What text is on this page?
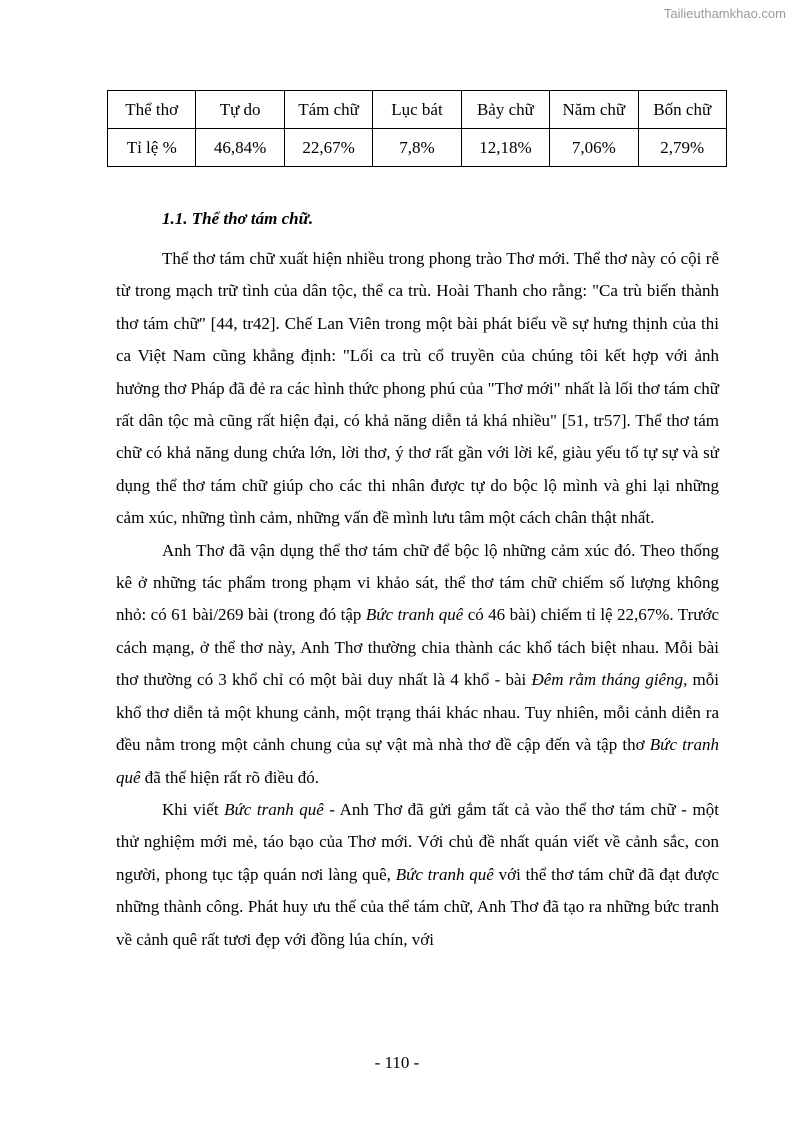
Tailieuthamkhao.com
Thể thơ	Tự do	Tám chữ	Lục bát	Bảy chữ	Năm chữ	Bốn chữ
Tỉ lệ %	46,84%	22,67%	7,8%	12,18%	7,06%	2,79%
1.1. Thể thơ tám chữ.

Thể thơ tám chữ xuất hiện nhiều trong phong trào Thơ mới. Thể thơ này có cội rễ từ trong mạch trữ tình của dân tộc, thể ca trù. Hoài Thanh cho rằng: "Ca trù biến thành thơ tám chữ" [44, tr42]. Chế Lan Viên trong một bài phát biểu về sự hưng thịnh của thi ca Việt Nam cũng khẳng định: "Lối ca trù cổ truyền của chúng tôi kết hợp với ảnh hưởng thơ Pháp đã đẻ ra các hình thức phong phú của "Thơ mới" nhất là lối thơ tám chữ rất dân tộc mà cũng rất hiện đại, có khả năng diễn tả khá nhiều" [51, tr57]. Thể thơ tám chữ có khả năng dung chứa lớn, lời thơ, ý thơ rất gần với lời kể, giàu yếu tố tự sự và sử dụng thể thơ tám chữ giúp cho các thi nhân được tự do bộc lộ mình và ghi lại những cảm xúc, những tình cảm, những vấn đề mình lưu tâm một cách chân thật nhất.

Anh Thơ đã vận dụng thể thơ tám chữ để bộc lộ những cảm xúc đó. Theo thống kê ở những tác phẩm trong phạm vi khảo sát, thể thơ tám chữ chiếm số lượng không nhỏ: có 61 bài/269 bài (trong đó tập Bức tranh quê có 46 bài) chiếm tỉ lệ 22,67%. Trước cách mạng, ở thể thơ này, Anh Thơ thường chia thành các khổ tách biệt nhau. Mỗi bài thơ thường có 3 khổ chỉ có một bài duy nhất là 4 khổ - bài Đêm rằm tháng giêng, mỗi khổ thơ diễn tả một khung cảnh, một trạng thái khác nhau. Tuy nhiên, mỗi cảnh diễn ra đều nằm trong một cảnh chung của sự vật mà nhà thơ đề cập đến và tập thơ Bức tranh quê đã thể hiện rất rõ điều đó.

Khi viết Bức tranh quê - Anh Thơ đã gửi gắm tất cả vào thể thơ tám chữ - một thử nghiệm mới mẻ, táo bạo của Thơ mới. Với chủ đề nhất quán viết về cảnh sắc, con người, phong tục tập quán nơi làng quê, Bức tranh quê với thể thơ tám chữ đã đạt được những thành công. Phát huy ưu thế của thể tám chữ, Anh Thơ đã tạo ra những bức tranh về cảnh quê rất tươi đẹp với đồng lúa chín, với

- 110 -
